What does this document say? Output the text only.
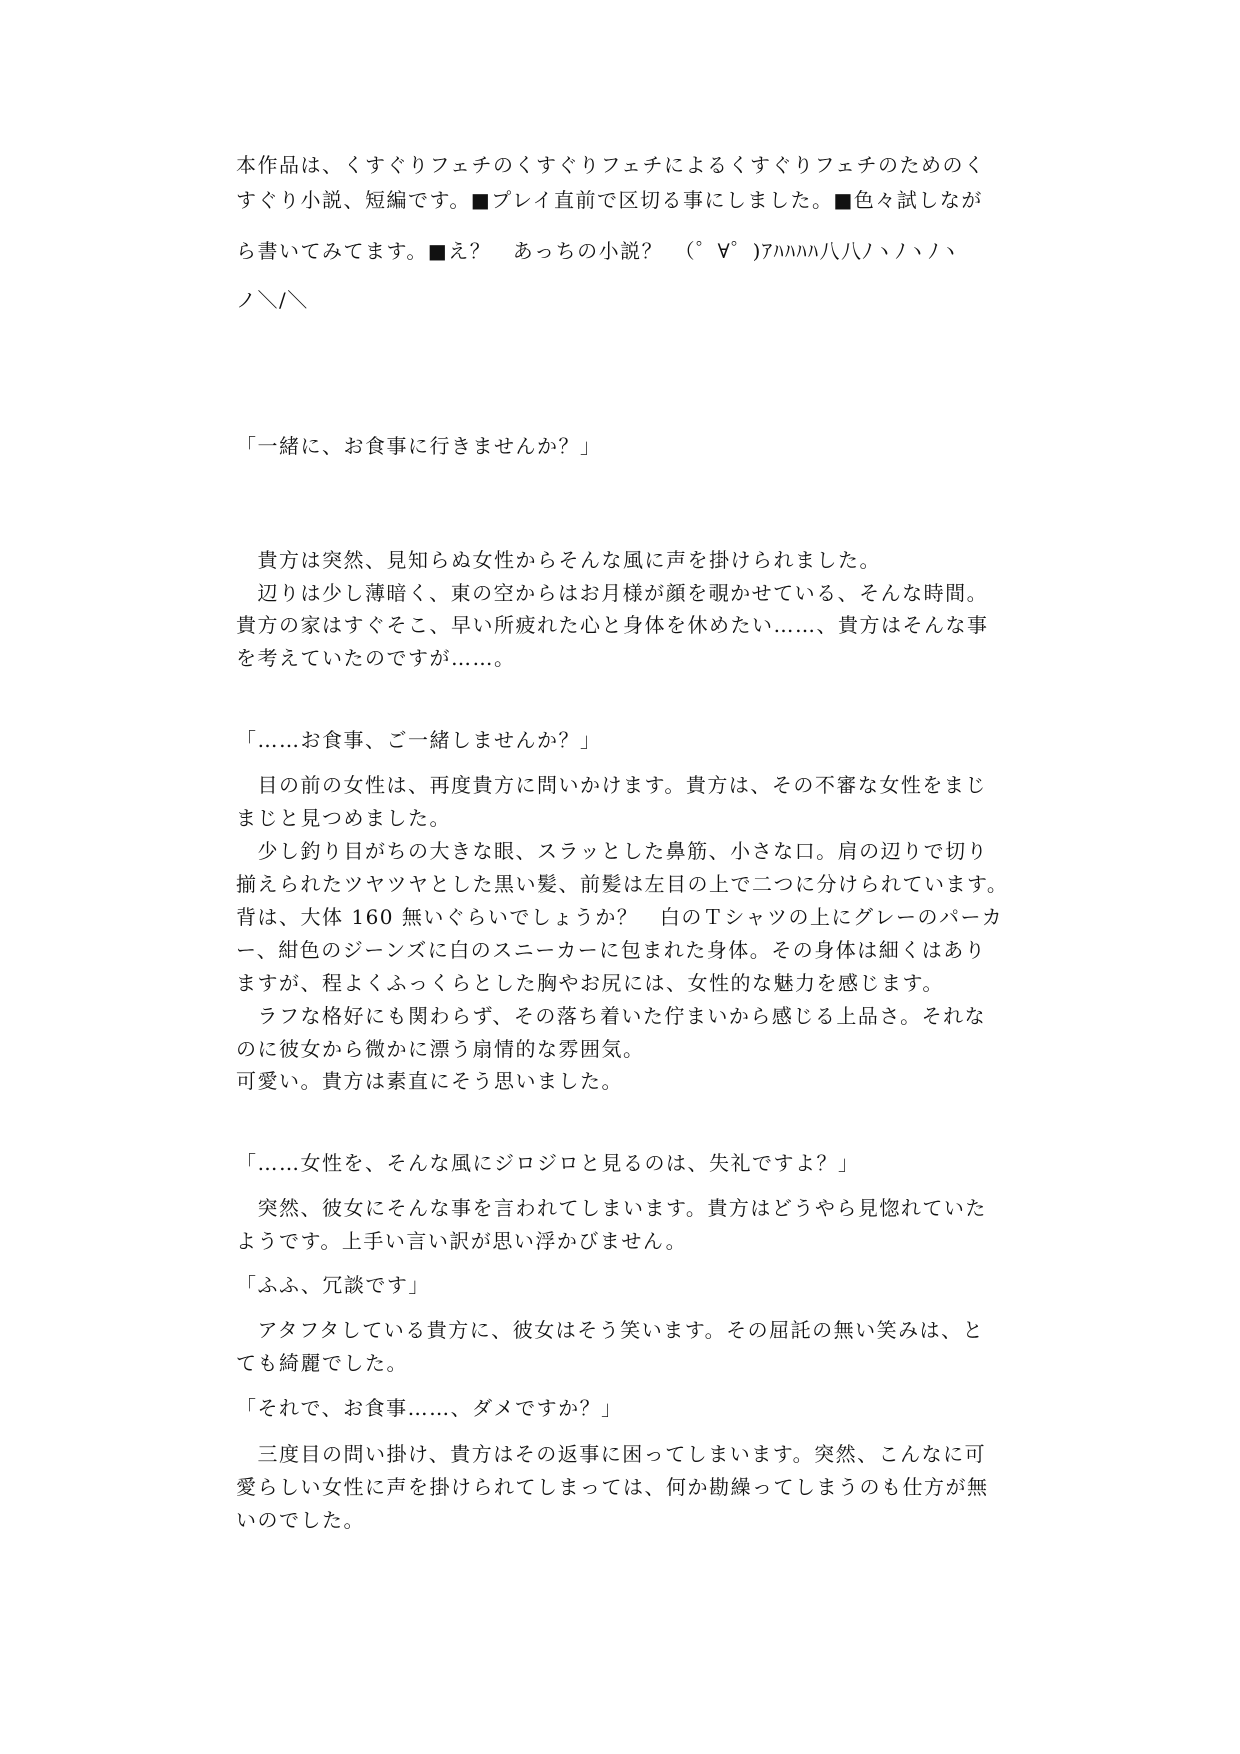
本作品は、くすぐりフェチのくすぐりフェチによるくすぐりフェチのためのく
すぐり小説、短編です。■プレイ直前で区切る事にしました。■色々試しなが
ら書いてみてます。■え？　あっちの小説？　（゜∀゜)ｱﾊﾊﾊﾊ八八ﾉヽﾉヽﾉヽ
ノ＼/＼
「一緒に、お食事に行きませんか？」
　貴方は突然、見知らぬ女性からそんな風に声を掛けられました。
　辺りは少し薄暗く、東の空からはお月様が顔を覗かせている、そんな時間。
貴方の家はすぐそこ、早い所疲れた心と身体を休めたい……、貴方はそんな事
を考えていたのですが……。
「……お食事、ご一緒しませんか？」
　目の前の女性は、再度貴方に問いかけます。貴方は、その不審な女性をまじ
まじと見つめました。
　少し釣り目がちの大きな眼、スラッとした鼻筋、小さな口。肩の辺りで切り
揃えられたツヤツヤとした黒い髪、前髪は左目の上で二つに分けられています。
背は、大体 160 無いぐらいでしょうか？　白のＴシャツの上にグレーのパーカ
ー、紺色のジーンズに白のスニーカーに包まれた身体。その身体は細くはあり
ますが、程よくふっくらとした胸やお尻には、女性的な魅力を感じます。
　ラフな格好にも関わらず、その落ち着いた佇まいから感じる上品さ。それな
のに彼女から微かに漂う扇情的な雰囲気。
可愛い。貴方は素直にそう思いました。
「……女性を、そんな風にジロジロと見るのは、失礼ですよ？」
　突然、彼女にそんな事を言われてしまいます。貴方はどうやら見惚れていた
ようです。上手い言い訳が思い浮かびません。
「ふふ、冗談です」
　アタフタしている貴方に、彼女はそう笑います。その屈託の無い笑みは、と
ても綺麗でした。
「それで、お食事……、ダメですか？」
　三度目の問い掛け、貴方はその返事に困ってしまいます。突然、こんなに可
愛らしい女性に声を掛けられてしまっては、何か勘繰ってしまうのも仕方が無
いのでした。
